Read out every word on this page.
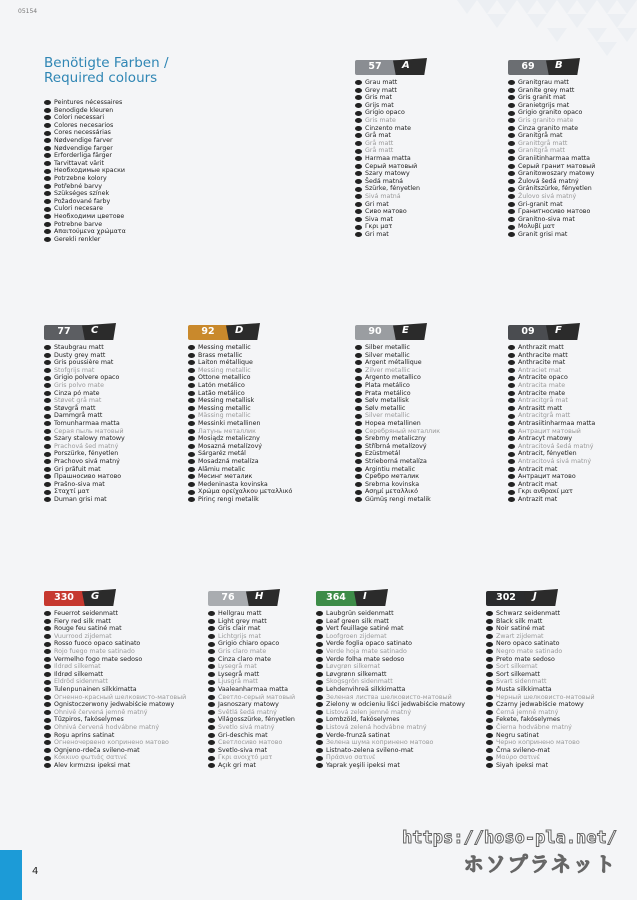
05154
Benötigte Farben /
Required colours
Peintures nécessaires
Benodigde kleuren
Colori necessari
Colores necesarios
Cores necessárias
Nødvendige farver
Nødvendige farger
Erforderliga färger
Tarvittavat värit
Необходимые краски
Potrzebne kolory
Potřebné barvy
Szükséges színek
Požadované farby
Culori necesare
Необходими цветове
Potrebne barve
Απαιτούμενα χρώματα
Gerekli renkler
57	A
Grau matt
Grey matt
Gris mat
Grijs mat
Grigio opaco
Gris mate
Cinzento mate
Grå mat
Grå matt
Grå matt
Harmaa matta
Серый матовый
Szary matowy
Šedá matná
Szürke, fényetlen
Sivá matná
Gri mat
Сиво матово
Siva mat
Γκρι ματ
Gri mat
69	B
Granitgrau matt
Granite grey matt
Gris granit mat
Granietgrijs mat
Grigio granito opaco
Gris granito mate
Cinza granito mate
Granitgrå mat
Granittgrå matt
Granitgrå matt
Graniitinharmaa matta
Серый гранит матовый
Granitowoszary matowy
Žulová šedá matný
Gránitszürke, fényetlen
Žulovo sivá matný
Gri-granit mat
Гранитносиво матово
Granitno-siva mat
Μολυβί ματ
Granit grisi mat
77	C
Staubgrau matt
Dusty grey matt
Gris poussière mat
Stofgrijs mat
Grigio polvere opaco
Gris polvo mate
Cinza pó mate
Støvet grå mat
Støvgrå matt
Dammgrå matt
Tomunharmaa matta
Серая пыль матовый
Szary stalowy matowy
Prachová šed matný
Porszürke, fényetlen
Prachovo sivá matný
Gri prăfuit mat
Прашносиво матово
Prašno-siva mat
Σταχτί ματ
Duman grisi mat
92	D
Messing metallic
Brass metallic
Laiton métallique
Messing metallic
Ottone metallico
Latón metálico
Latão metálico
Messing metallisk
Messing metallic
Mässing metallic
Messinki metallinen
Латунь металлик
Mosiądz metaliczny
Mosazná metalízový
Sárgaréz metál
Mosadzná metalíza
Alămiu metalic
Месинг металик
Medeninasta kovinska
Χρώμα ορείχαλκου μεταλλικό
Pirinç rengi metalik
90	E
Silber metallic
Silver metallic
Argent métallique
Zilver metallic
Argento metallico
Plata metálico
Prata metálico
Sølv metallisk
Sølv metallic
Silver metallic
Hopea metallinen
Серебряный металлик
Srebrny metaliczny
Stříbrná metalízový
Ezüstmetál
Strieborná metalíza
Argintiu metalic
Сребро металик
Srebrna kovinska
Ασημί μεταλλικό
Gümüş rengi metalik
09	F
Anthrazit matt
Anthracite matt
Anthracite mat
Antraciet mat
Antracite opaco
Antracita mate
Antracite mate
Antracitgrå mat
Antrasitt matt
Antracitgrå matt
Antrasiitinharmaa matta
Антрацит матовый
Antracyt matowy
Antracitová šedá matný
Antracit, fényetlen
Antracitová sivá matný
Antracit mat
Антрацит матово
Antracit mat
Γκρι ανθρακί ματ
Antrazit mat
330	G
Feuerrot seidenmatt
Fiery red silk matt
Rouge feu satiné mat
Vuurrood zijdemat
Rosso fuoco opaco satinato
Rojo fuego mate satinado
Vermelho fogo mate sedoso
Ildrød silkemat
Ildrød silkematt
Eldröd sidenmatt
Tulenpunainen silkkimatta
Огненно-красный шелковисто-матовый
Ognistoczerwony jedwabiście matowy
Ohnivě červená jemně matný
Tűzpiros, fakóselymes
Ohnivá červená hodvábne matný
Roşu aprins satinat
Огненочервено копринено матово
Ognjeno-rdeča svileno-mat
Κόκκινο φωτιάς σατινέ
Alev kırmızısı ipeksi mat
76	H
Hellgrau matt
Light grey matt
Gris clair mat
Lichtgrijs mat
Grigio chiaro opaco
Gris claro mate
Cinza claro mate
Lysegrå mat
Lysegrå matt
Ljusgrå matt
Vaaleanharmaa matta
Светло-серый матовый
Jasnoszary matowy
Světlá šedá matný
Világosszürke, fényetlen
Svetlo sivá matný
Gri-deschis mat
Светлосиво матово
Svetlo-siva mat
Γκρι ανοιχτό ματ
Açık gri mat
364	I
Laubgrün seidenmatt
Leaf green silk matt
Vert feuillage satiné mat
Loofgroen zijdemat
Verde foglia opaco satinato
Verde hoja mate satinado
Verde folha mate sedoso
Løvgrøn silkemat
Løvgrønn silkematt
Skogsgrön sidenmatt
Lehdenvihreä silkkimatta
Зеленая листва шелковисто-матовый
Zielony w odcieniu liści jedwabiście matowy
Listová zelen jemně matný
Lombzöld, fakóselymes
Listová zelená hodvábne matný
Verde-frunză satinat
Зелена шума копринено матово
Listnato-zelena svileno-mat
Πράσινο σατινέ
Yaprak yeşili ipeksi mat
302	J
Schwarz seidenmatt
Black silk matt
Noir satiné mat
Zwart zijdemat
Nero opaco satinato
Negro mate satinado
Preto mate sedoso
Sort silkemat
Sort silkematt
Svart sidenmatt
Musta silkkimatta
Черный шелковисто-матовый
Czarny jedwabiście matowy
Černá jemně matný
Fekete, fakóselymes
Čierna hodvábne matný
Negru satinat
Черно копринено матово
Črna svileno-mat
Μαύρο σατινέ
Siyah ipeksi mat
4
https://hoso-pla.net/
ホソプラネット
